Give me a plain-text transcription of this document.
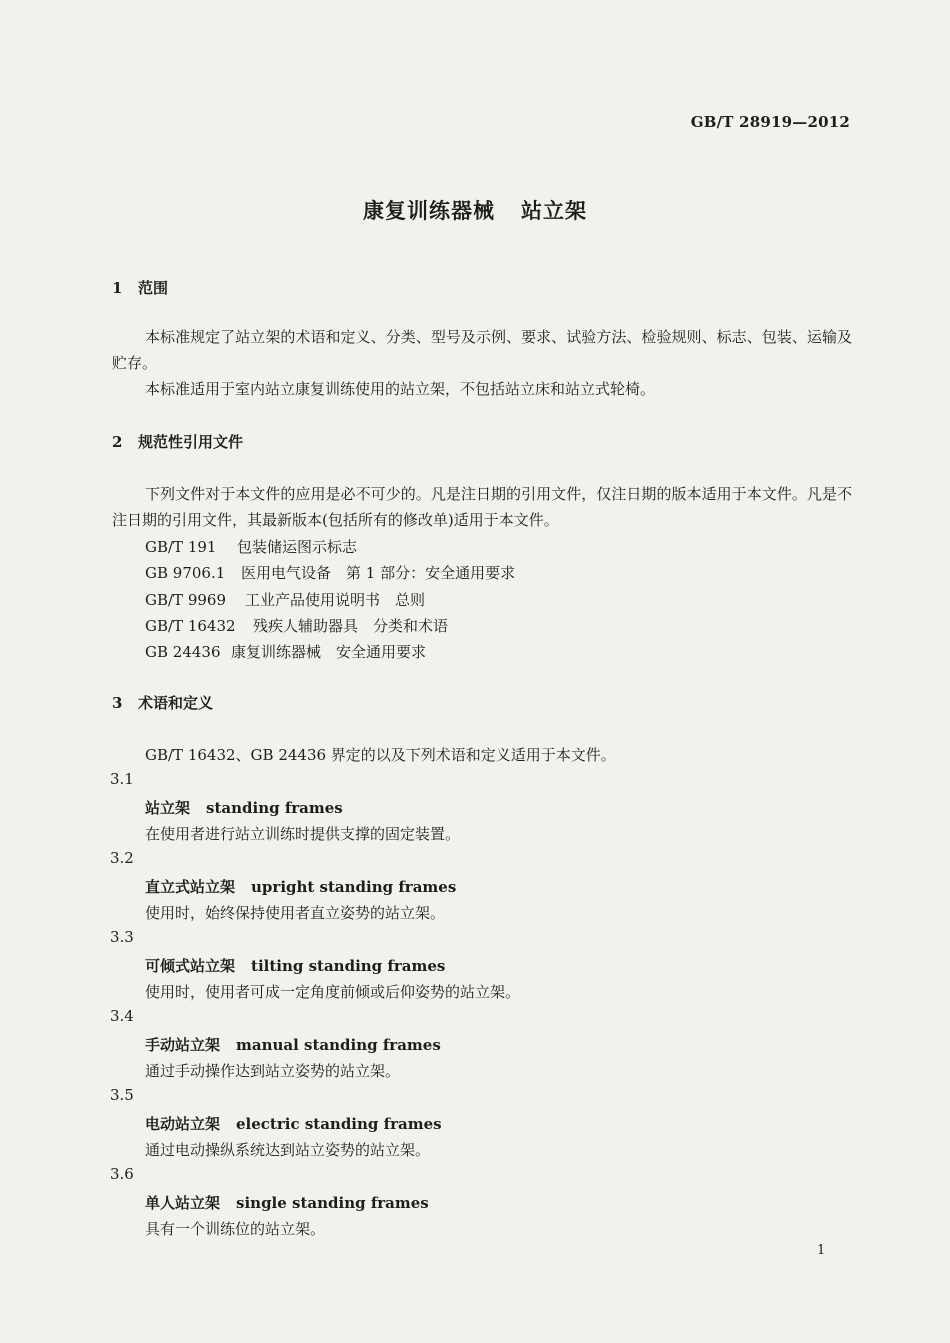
GB/T 28919—2012
康复训练器械 站立架
1 范围
本标准规定了站立架的术语和定义、分类、型号及示例、要求、试验方法、检验规则、标志、包装、运输及贮存。
本标准适用于室内站立康复训练使用的站立架，不包括站立床和站立式轮椅。
2 规范性引用文件
下列文件对于本文件的应用是必不可少的。凡是注日期的引用文件，仅注日期的版本适用于本文件。凡是不注日期的引用文件，其最新版本(包括所有的修改单)适用于本文件。
GB/T 191 包装储运图示标志
GB 9706.1 医用电气设备　第 1 部分：安全通用要求
GB/T 9969 工业产品使用说明书　总则
GB/T 16432 残疾人辅助器具　分类和术语
GB 24436 康复训练器械　安全通用要求
3 术语和定义
GB/T 16432、GB 24436 界定的以及下列术语和定义适用于本文件。
3.1
站立架 standing frames
在使用者进行站立训练时提供支撑的固定装置。
3.2
直立式站立架 upright standing frames
使用时，始终保持使用者直立姿势的站立架。
3.3
可倾式站立架 tilting standing frames
使用时，使用者可成一定角度前倾或后仰姿势的站立架。
3.4
手动站立架 manual standing frames
通过手动操作达到站立姿势的站立架。
3.5
电动站立架 electric standing frames
通过电动操纵系统达到站立姿势的站立架。
3.6
单人站立架 single standing frames
具有一个训练位的站立架。
1
